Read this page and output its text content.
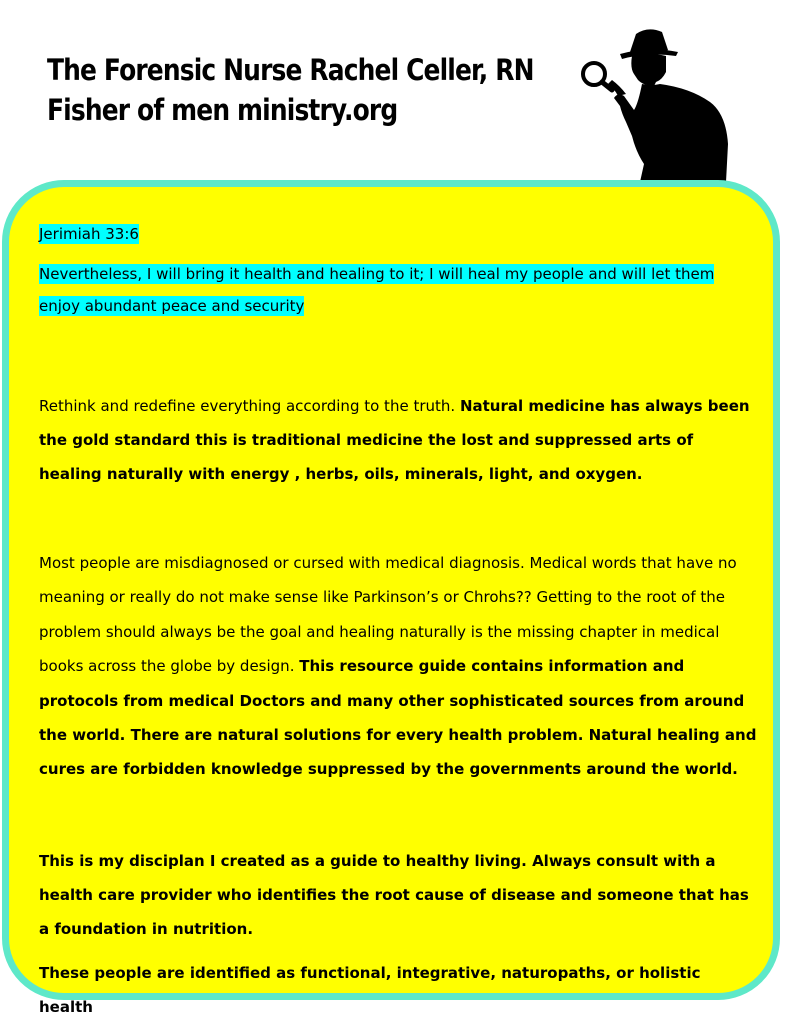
The Forensic Nurse Rachel Celler, RN
Fisher of men ministry.org

Jerimiah 33:6

Nevertheless, I will bring it health and healing to it; I will heal my people and will let them enjoy abundant peace and security

Rethink and redefine everything according to the truth. Natural medicine has always been the gold standard this is traditional medicine the lost and suppressed arts of healing naturally with energy , herbs, oils, minerals, light, and oxygen.

Most people are misdiagnosed or cursed with medical diagnosis. Medical words that have no meaning or really do not make sense like Parkinson’s or Chrohs?? Getting to the root of the problem should always be the goal and healing naturally is the missing chapter in medical books across the globe by design. This resource guide contains information and protocols from medical Doctors and many other sophisticated sources from around the world. There are natural solutions for every health problem. Natural healing and cures are forbidden knowledge suppressed by the governments around the world.

This is my disciplan I created as a guide to healthy living. Always consult with a health care provider who identifies the root cause of disease and someone that has a foundation in nutrition.

These people are identified as functional, integrative, naturopaths, or holistic health
